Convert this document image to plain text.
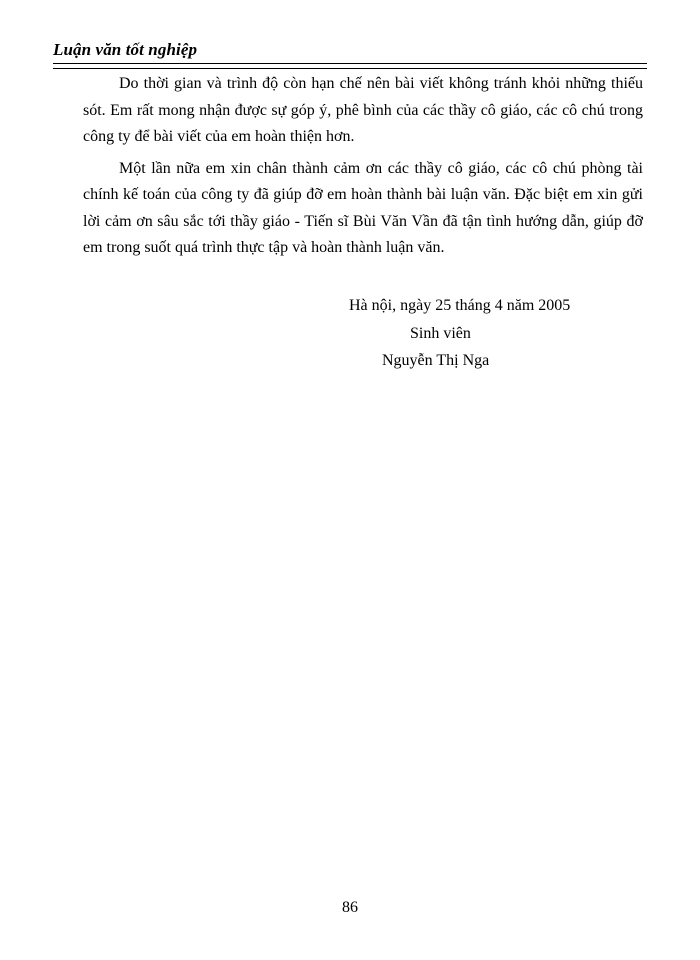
Luận văn tốt nghiệp

Do thời gian và trình độ còn hạn chế nên bài viết không tránh khỏi những thiếu sót. Em rất mong nhận được sự góp ý, phê bình của các thầy cô giáo, các cô chú trong công ty để bài viết của em hoàn thiện hơn.

Một lần nữa em xin chân thành cảm ơn các thầy cô giáo, các cô chú phòng tài chính kế toán của công ty đã giúp đỡ em hoàn thành bài luận văn. Đặc biệt em xin gửi lời cảm ơn sâu sắc tới thầy giáo - Tiến sĩ Bùi Văn Vần đã tận tình hướng dẫn, giúp đỡ em trong suốt quá trình thực tập và hoàn thành luận văn.

Hà nội, ngày 25 tháng 4 năm 2005
Sinh viên
Nguyễn Thị Nga
86
